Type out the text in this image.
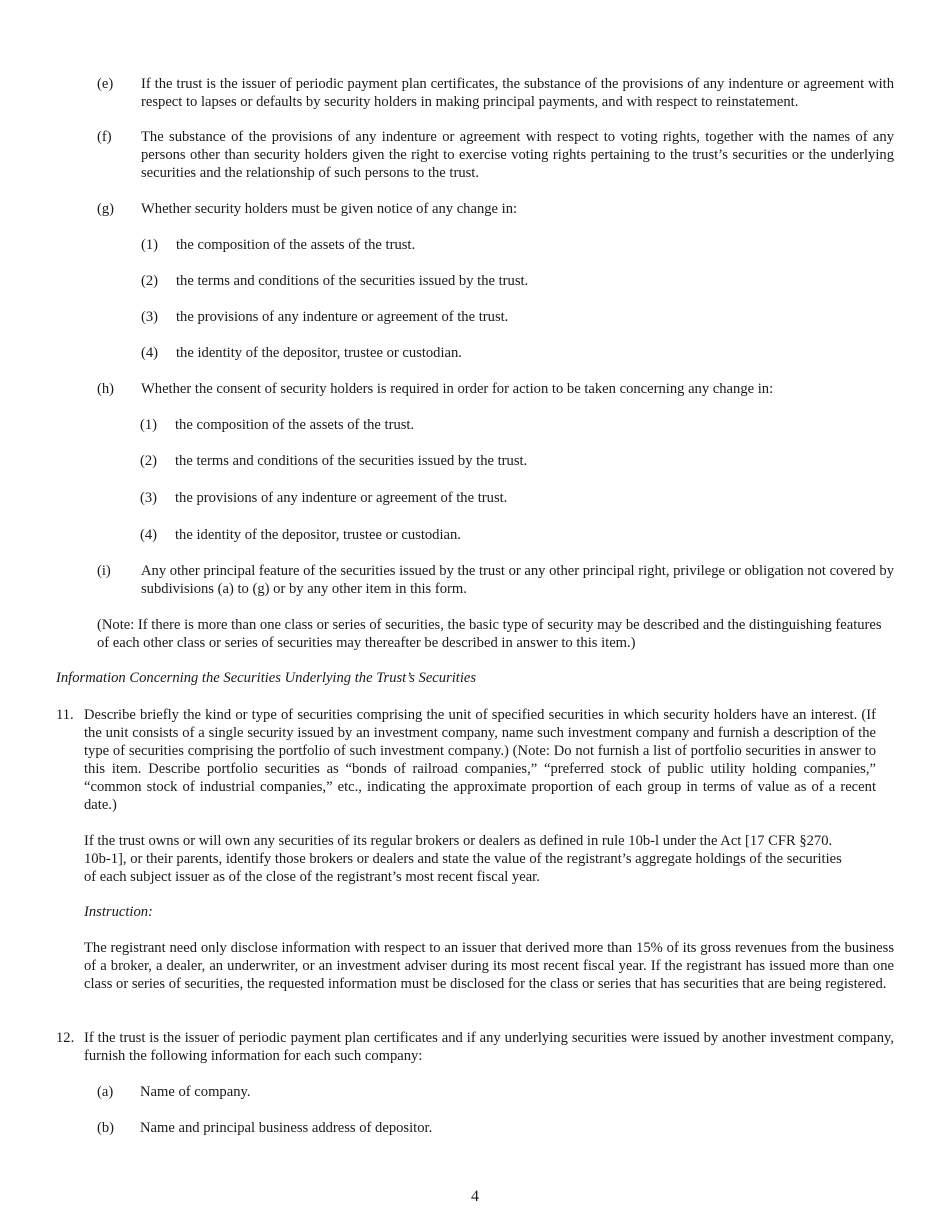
(e) If the trust is the issuer of periodic payment plan certificates, the substance of the provisions of any indenture or agreement with respect to lapses or defaults by security holders in making principal payments, and with respect to reinstatement.

(f) The substance of the provisions of any indenture or agreement with respect to voting rights, together with the names of any persons other than security holders given the right to exercise voting rights pertaining to the trust’s securities or the underlying securities and the relationship of such persons to the trust.

(g) Whether security holders must be given notice of any change in:

(1) the composition of the assets of the trust.
(2) the terms and conditions of the securities issued by the trust.
(3) the provisions of any indenture or agreement of the trust.
(4) the identity of the depositor, trustee or custodian.
(h) Whether the consent of security holders is required in order for action to be taken concerning any change in:

(1) the composition of the assets of the trust.
(2) the terms and conditions of the securities issued by the trust.
(3) the provisions of any indenture or agreement of the trust.
(4) the identity of the depositor, trustee or custodian.
(i) Any other principal feature of the securities issued by the trust or any other principal right, privilege or obligation not covered by subdivisions (a) to (g) or by any other item in this form.

(Note: If there is more than one class or series of securities, the basic type of security may be described and the distinguishing features of each other class or series of securities may thereafter be described in answer to this item.)

Information Concerning the Securities Underlying the Trust’s Securities
11. Describe briefly the kind or type of securities comprising the unit of specified securities in which security holders have an interest. (If the unit consists of a single security issued by an investment company, name such investment company and furnish a description of the type of securities comprising the portfolio of such investment company.) (Note: Do not furnish a list of portfolio securities in answer to this item. Describe portfolio securities as “bonds of railroad companies,” “preferred stock of public utility holding companies,” “common stock of industrial companies,” etc., indicating the approximate proportion of each group in terms of value as of a recent date.)

If the trust owns or will own any securities of its regular brokers or dealers as defined in rule 10b-l under the Act [17 CFR §270. 10b-1], or their parents, identify those brokers or dealers and state the value of the registrant’s aggregate holdings of the securities of each subject issuer as of the close of the registrant’s most recent fiscal year.

Instruction:

The registrant need only disclose information with respect to an issuer that derived more than 15% of its gross revenues from the business of a broker, a dealer, an underwriter, or an investment adviser during its most recent fiscal year. If the registrant has issued more than one class or series of securities, the requested information must be disclosed for the class or series that has securities that are being registered.

12. If the trust is the issuer of periodic payment plan certificates and if any underlying securities were issued by another investment company, furnish the following information for each such company:

(a) Name of company.
(b) Name and principal business address of depositor.
4
